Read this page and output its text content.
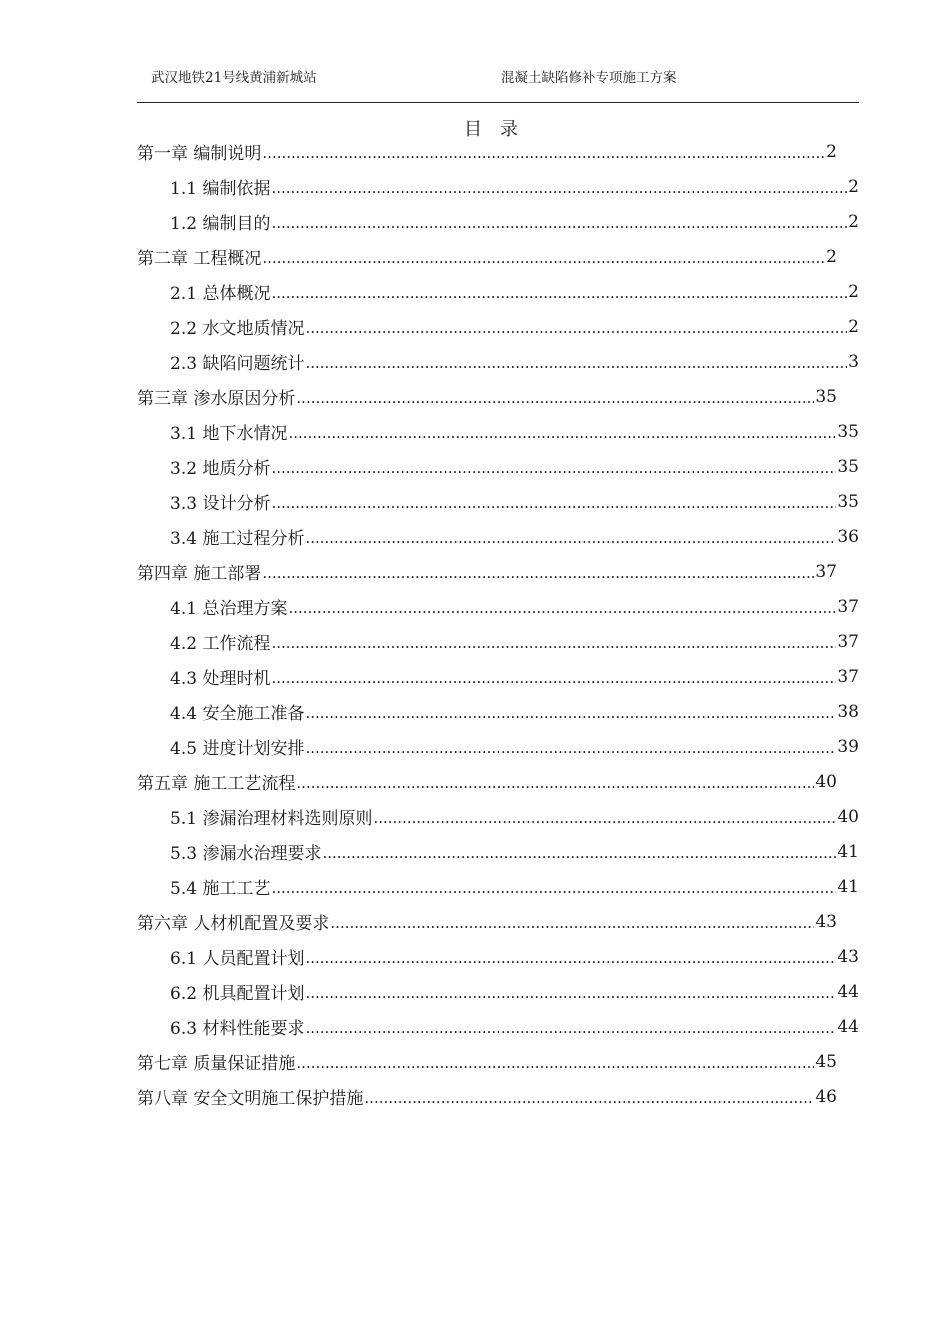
武汉地铁21号线黄浦新城站	混凝土缺陷修补专项施工方案
目录
第一章 编制说明 .....	2
1.1 编制依据 .....	2
1.2 编制目的 .....	2
第二章 工程概况 .....	2
2.1 总体概况 .....	2
2.2 水文地质情况 .....	2
2.3 缺陷问题统计 .....	3
第三章 渗水原因分析 .....	35
3.1 地下水情况 .....	35
3.2 地质分析 .....	35
3.3 设计分析 .....	35
3.4 施工过程分析 .....	36
第四章 施工部署 .....	37
4.1 总治理方案 .....	37
4.2 工作流程 .....	37
4.3 处理时机 .....	37
4.4 安全施工准备 .....	38
4.5 进度计划安排 .....	39
第五章 施工工艺流程 .....	40
5.1 渗漏治理材料选则原则 .....	40
5.3 渗漏水治理要求 .....	41
5.4 施工工艺 .....	41
第六章 人材机配置及要求 .....	43
6.1 人员配置计划 .....	43
6.2 机具配置计划 .....	44
6.3 材料性能要求 .....	44
第七章 质量保证措施 .....	45
第八章 安全文明施工保护措施 .....	46
